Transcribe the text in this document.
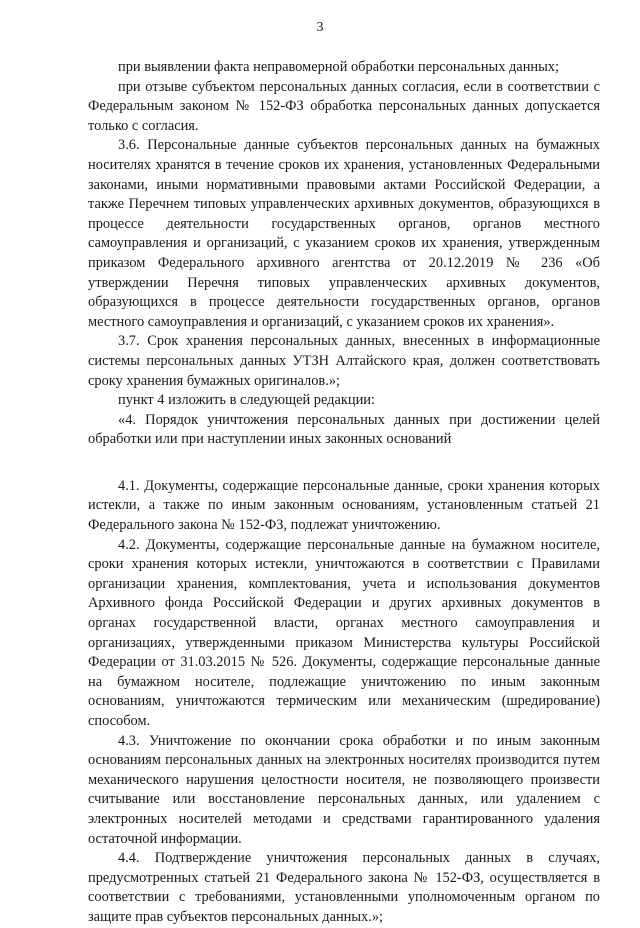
3

при выявлении факта неправомерной обработки персональных данных;

при отзыве субъектом персональных данных согласия, если в соответствии с Федеральным законом № 152-ФЗ обработка персональных данных допускается только с согласия.

3.6. Персональные данные субъектов персональных данных на бумажных носителях хранятся в течение сроков их хранения, установленных Федеральными законами, иными нормативными правовыми актами Российской Федерации, а также Перечнем типовых управленческих архивных документов, образующихся в процессе деятельности государственных органов, органов местного самоуправления и организаций, с указанием сроков их хранения, утвержденным приказом Федерального архивного агентства от 20.12.2019 № 236 «Об утверждении Перечня типовых управленческих архивных документов, образующихся в процессе деятельности государственных органов, органов местного самоуправления и организаций, с указанием сроков их хранения».

3.7. Срок хранения персональных данных, внесенных в информационные системы персональных данных УТЗН Алтайского края, должен соответствовать сроку хранения бумажных оригиналов.»;

пункт 4 изложить в следующей редакции:

«4. Порядок уничтожения персональных данных при достижении целей обработки или при наступлении иных законных оснований

4.1. Документы, содержащие персональные данные, сроки хранения которых истекли, а также по иным законным основаниям, установленным статьей 21 Федерального закона № 152-ФЗ, подлежат уничтожению.

4.2. Документы, содержащие персональные данные на бумажном носителе, сроки хранения которых истекли, уничтожаются в соответствии с Правилами организации хранения, комплектования, учета и использования документов Архивного фонда Российской Федерации и других архивных документов в органах государственной власти, органах местного самоуправления и организациях, утвержденными приказом Министерства культуры Российской Федерации от 31.03.2015 № 526. Документы, содержащие персональные данные на бумажном носителе, подлежащие уничтожению по иным законным основаниям, уничтожаются термическим или механическим (шредирование) способом.

4.3. Уничтожение по окончании срока обработки и по иным законным основаниям персональных данных на электронных носителях производится путем механического нарушения целостности носителя, не позволяющего произвести считывание или восстановление персональных данных, или удалением с электронных носителей методами и средствами гарантированного удаления остаточной информации.

4.4. Подтверждение уничтожения персональных данных в случаях, предусмотренных статьей 21 Федерального закона № 152-ФЗ, осуществляется в соответствии с требованиями, установленными уполномоченным органом по защите прав субъектов персональных данных.»;
